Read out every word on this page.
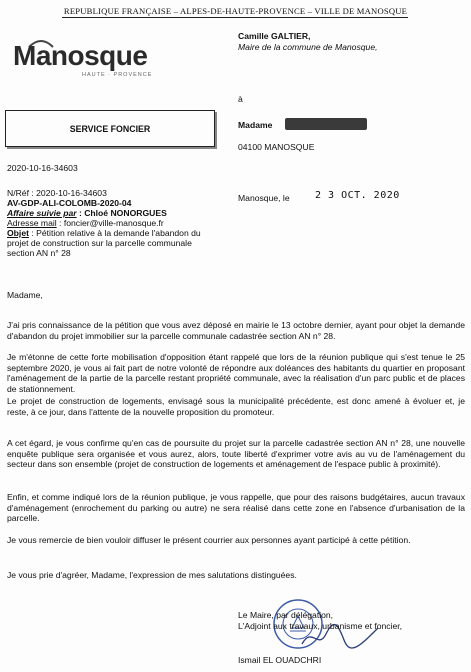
REPUBLIQUE FRANÇAISE – ALPES-DE-HAUTE-PROVENCE – VILLE DE MANOSQUE
Manosque
HAUTE · PROVENCE
Camille GALTIER,
Maire de la commune de Manosque,
à
SERVICE FONCIER	Madame
04100 MANOSQUE
2020-10-16-34603
Manosque, le	2 3 OCT. 2020
N/Réf : 2020-10-16-34603
AV-GDP-ALI-COLOMB-2020-04
Affaire suivie par : Chloé NONORGUES
Adresse mail : foncier@ville-manosque.fr
Objet : Pétition relative à la demande l'abandon du
projet de construction sur la parcelle communale
section AN n° 28
Madame,
J'ai pris connaissance de la pétition que vous avez déposé en mairie le 13 octobre dernier, ayant pour objet la demande d'abandon du projet immobilier sur la parcelle communale cadastrée section AN n° 28.
Je m'étonne de cette forte mobilisation d'opposition étant rappelé que lors de la réunion publique qui s'est tenue le 25 septembre 2020, je vous ai fait part de notre volonté de répondre aux doléances des habitants du quartier en proposant l'aménagement de la partie de la parcelle restant propriété communale, avec la réalisation d'un parc public et de places de stationnement.
Le projet de construction de logements, envisagé sous la municipalité précédente, est donc amené à évoluer et, je reste, à ce jour, dans l'attente de la nouvelle proposition du promoteur.
A cet égard, je vous confirme qu'en cas de poursuite du projet sur la parcelle cadastrée section AN n° 28, une nouvelle enquête publique sera organisée et vous aurez, alors, toute liberté d'exprimer votre avis au vu de l'aménagement du secteur dans son ensemble (projet de construction de logements et aménagement de l'espace public à proximité).
Enfin, et comme indiqué lors de la réunion publique, je vous rappelle, que pour des raisons budgétaires, aucun travaux d'aménagement (enrochement du parking ou autre) ne sera réalisé dans cette zone en l'absence d'urbanisation de la parcelle.
Je vous remercie de bien vouloir diffuser le présent courrier aux personnes ayant participé à cette pétition.
Je vous prie d'agréer, Madame, l'expression de mes salutations distinguées.
Le Maire, par délégation,
L'Adjoint aux travaux, urbanisme et foncier,
Ismail EL OUADCHRI
